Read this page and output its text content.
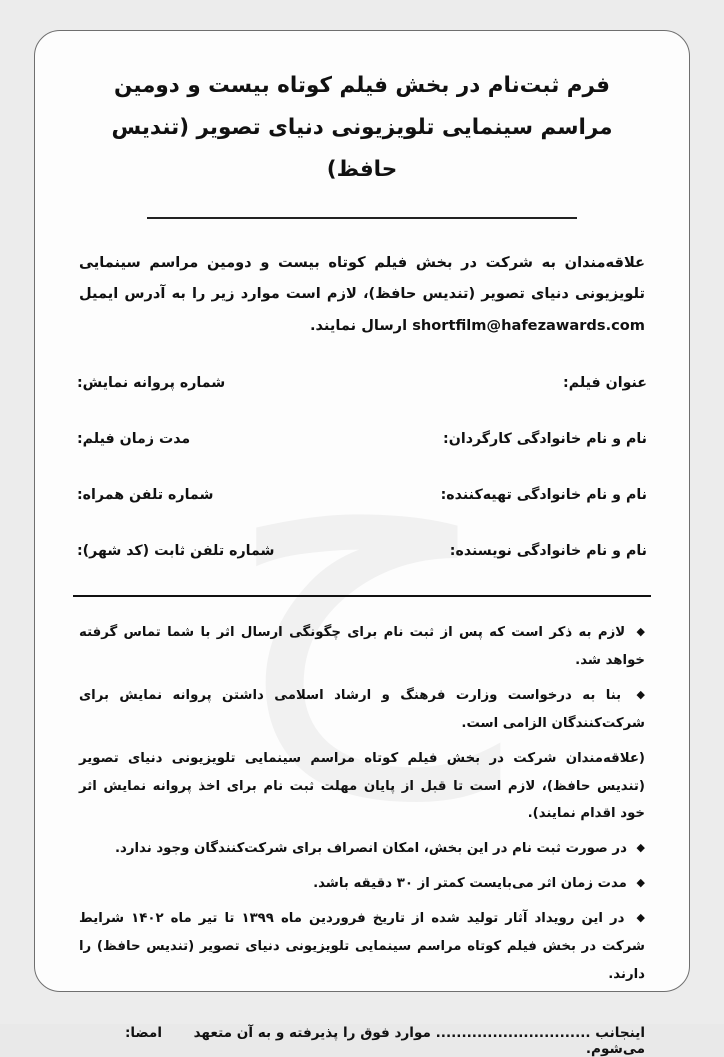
فرم ثبت‌نام در بخش فیلم کوتاه بیست و دومین
مراسم سینمایی تلویزیونی دنیای تصویر (تندیس حافظ)
علاقه‌مندان به شرکت در بخش فیلم کوتاه بیست و دومین مراسم سینمایی تلویزیونی دنیای تصویر (تندیس حافظ)، لازم است موارد زیر را به آدرس ایمیل shortfilm@hafezawards.com ارسال نمایند.
عنوان فیلم:
شماره پروانه نمایش:
نام و نام خانوادگی کارگردان:
مدت زمان فیلم:
نام و نام خانوادگی تهیه‌کننده:
شماره تلفن همراه:
نام و نام خانوادگی نویسنده:
شماره تلفن ثابت (کد شهر):
◆ لازم به ذکر است که پس از ثبت نام برای چگونگی ارسال اثر با شما تماس گرفته خواهد شد.
◆ بنا به درخواست وزارت فرهنگ و ارشاد اسلامی داشتن پروانه نمایش برای شرکت‌کنندگان الزامی است.
(علاقه‌مندان شرکت در بخش فیلم کوتاه مراسم سینمایی تلویزیونی دنیای تصویر (تندیس حافظ)، لازم است تا قبل از پایان مهلت ثبت نام برای اخذ پروانه نمایش اثر خود اقدام نمایند).
◆ در صورت ثبت نام در این بخش، امکان انصراف برای شرکت‌کنندگان وجود ندارد.
◆ مدت زمان اثر می‌بایست کمتر از ۳۰ دقیقه باشد.
◆ در این رویداد آثار تولید شده از تاریخ فروردین ماه ۱۳۹۹ تا تیر ماه ۱۴۰۲ شرایط شرکت در بخش فیلم کوتاه مراسم سینمایی تلویزیونی دنیای تصویر (تندیس حافظ) را دارند.
اینجانب .............................. موارد فوق را پذیرفته و به آن متعهد می‌شوم.
امضا:
